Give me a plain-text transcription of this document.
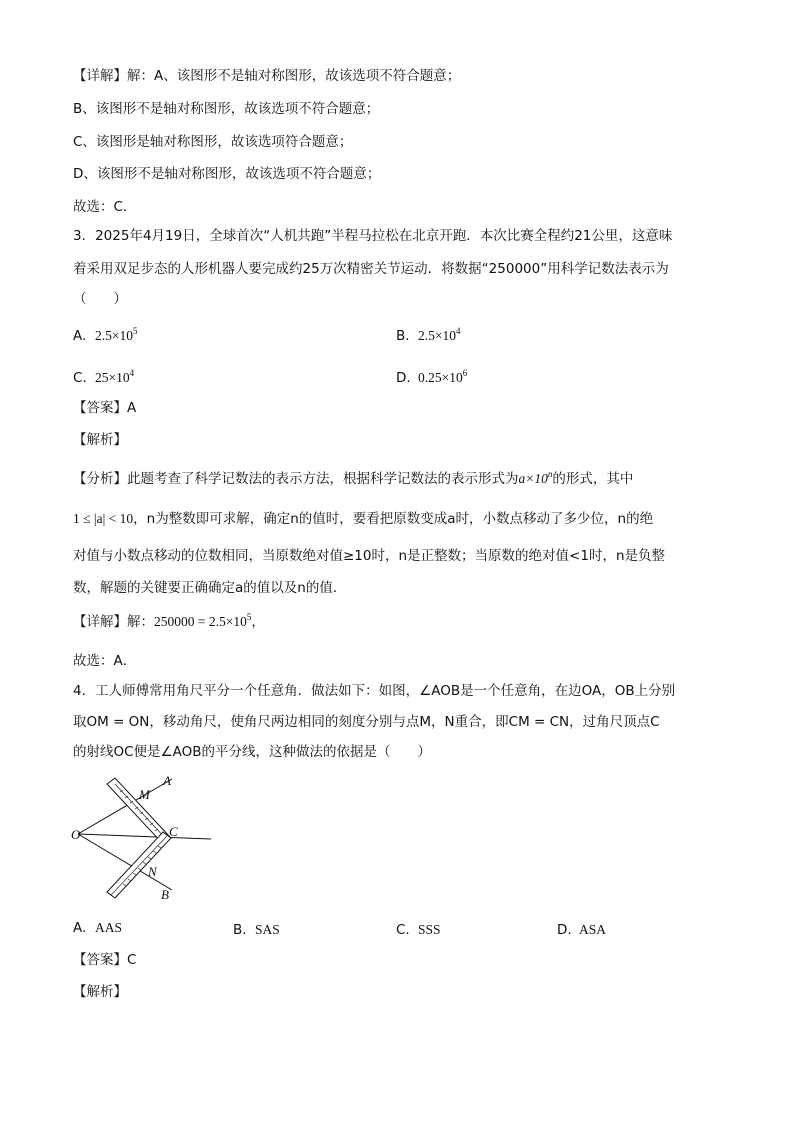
【详解】解：A、该图形不是轴对称图形，故该选项不符合题意；
B、该图形不是轴对称图形，故该选项不符合题意；
C、该图形是轴对称图形，故该选项符合题意；
D、该图形不是轴对称图形，故该选项不符合题意；
故选：C．
3．2025年4月19日，全球首次“人机共跑”半程马拉松在北京开跑．本次比赛全程约21公里，这意味
着采用双足步态的人形机器人要完成约25万次精密关节运动．将数据“250000”用科学记数法表示为
（　　）
A. $2.5\times 10^5$	B. $2.5\times 10^4$
C. $25\times 10^4$	D. $0.25\times 10^6$
【答案】A
【解析】
【分析】此题考查了科学记数法的表示方法，根据科学记数法的表示形式为$a\times 10^n$的形式，其中
1 ≤ |a| < 10，n为整数即可求解，确定n的值时，要看把原数变成a时，小数点移动了多少位，n的绝
对值与小数点移动的位数相同，当原数绝对值≥10时，n是正整数；当原数的绝对值<1时，n是负整
数，解题的关键要正确确定a的值以及n的值．
【详解】解：$250000 = 2.5\times 10^5$，
故选：A．
4．工人师傅常用角尺平分一个任意角．做法如下：如图，∠AOB是一个任意角，在边OA，OB上分别
取OM = ON，移动角尺，使角尺两边相同的刻度分别与点M，N重合，即CM = CN，过角尺顶点C
的射线OC便是∠AOB的平分线，这种做法的依据是（　　）
A
M
O	C
N
B
A. AAS	B. SAS	C. SSS	D. ASA
【答案】C
【解析】
